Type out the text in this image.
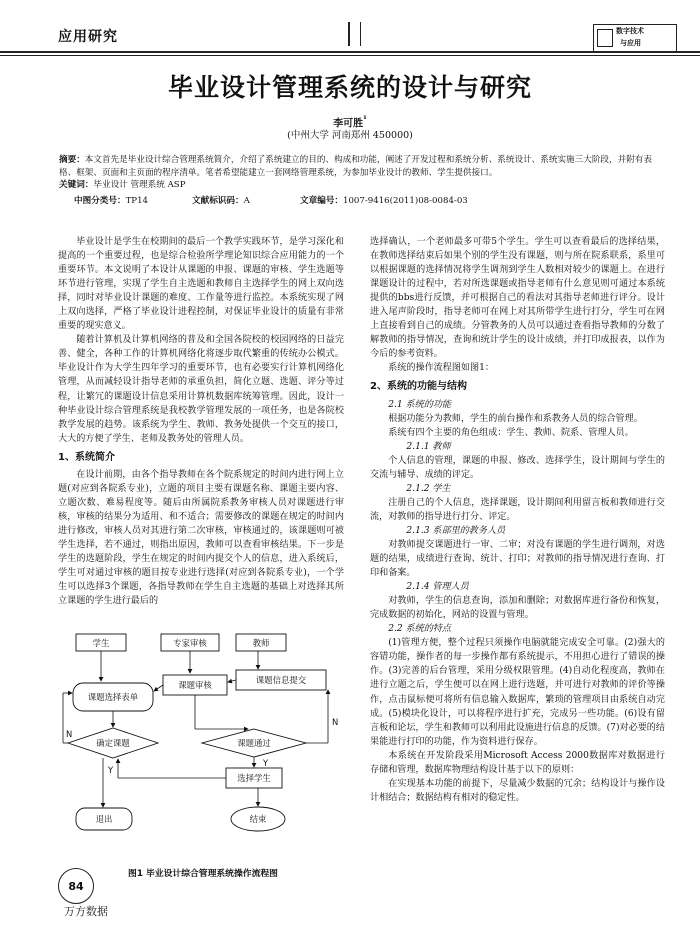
应用研究	数字技术
与应用
毕业设计管理系统的设计与研究
李可胜$^{^1}$
(中州大学 河南郑州 450000)
摘要：本文首先是毕业设计综合管理系统简介，介绍了系统建立的目的、构成和功能，阐述了开发过程和系统分析、系统设计、系统实施三大阶段，并附有表格、框架、页面和主页面的程序清单。笔者希望能建立一套网络管理系统，为参加毕业设计的教师、学生提供接口。
关键词：毕业设计 管理系统 ASP
中图分类号：TP14	文献标识码：A	文章编号：1007-9416(2011)08-0084-03

毕业设计是学生在校期间的最后一个教学实践环节，是学习深化和提高的一个重要过程，也是综合检验所学理论知识综合应用能力的一个重要环节。本文说明了本设计从课题的申报、课题的审核、学生选题等环节进行管理，实现了学生自主选题和教师自主选择学生的网上双向选择，同时对毕业设计课题的难度、工作量等进行监控。本系统实现了网上双向选择，严格了毕业设计进程控制，对保证毕业设计的质量有非常重要的现实意义。

随着计算机及计算机网络的普及和全国各院校的校园网络的日益完善、健全，各种工作的计算机网络化将逐步取代繁重的传统办公模式。毕业设计作为大学生四年学习的重要环节，也有必要实行计算机网络化管理，从而减轻设计指导老师的承重负担，简化立题、选题、评分等过程，让繁冗的课题设计信息采用计算机数据库统筹管理。因此，设计一种毕业设计综合管理系统是我校教学管理发展的一项任务，也是各院校教学发展的趋势。该系统为学生、教师、教务处提供一个交互的接口，大大的方便了学生、老师及教务处的管理人员。

1、系统简介

在设计前期，由各个指导教师在各个院系规定的时间内进行网上立题(对应到各院系专业)，立题的项目主要有课题名称、课题主要内容、立题次数、难易程度等。随后由所属院系教务审核人员对课题进行审核，审核的结果分为适用、和不适合；需要修改的课题在规定的时间内进行修改，审核人员对其进行第二次审核，审核通过的，该课题则可被学生选择，若不通过，则指出原因，教师可以查看审核结果。下一步是学生的选题阶段，学生在规定的时间内提交个人的信息，进入系统后，学生可对通过审核的题目按专业进行选择(对应到各院系专业)，一个学生可以选择3个课题，各指导教师在学生自主选题的基础上对选择其所立课题的学生进行最后的

学生	专家审核	教师
课题审核	课题信息提交
课题选择表单
确定课题	课题通过
选择学生
退出	结束
N
Y
N
Y
图1 毕业设计综合管理系统操作流程图

选择确认，一个老师最多可带5个学生。学生可以查看最后的选择结果，在教师选择结束后如果个别的学生没有课题，则与所在院系联系，系里可以根据课题的选择情况将学生调剂到学生人数相对较少的课题上。在进行课题设计的过程中，若对所选课题或指导老师有什么意见则可通过本系统提供的bbs进行反馈，并可根据自己的看法对其指导老师进行评分。设计进入尾声阶段时，指导老师可在网上对其所带学生进行打分，学生可在网上直接看到自己的成绩。分管教务的人员可以通过查看指导教师的分数了解教师的指导情况，查询和统计学生的设计成绩，并打印成报表，以作为今后的参考资料。

系统的操作流程图如图1：

2、系统的功能与结构

2.1 系统的功能

根据功能分为教师，学生的前台操作和系教务人员的综合管理。

系统有四个主要的角色组成：学生、教师、院系、管理人员。

2.1.1 教师

个人信息的管理，课题的申报、修改、选择学生，设计期间与学生的交流与辅导、成绩的评定。

2.1.2 学生

注册自己的个人信息，选择课题，设计期间利用留言板和教师进行交流，对教师的指导进行打分、评定。

2.1.3 系部里的教务人员

对教师提交课题进行一审、二审；对没有课题的学生进行调剂，对选题的结果，成绩进行查询、统计、打印；对教师的指导情况进行查询、打印和备案。

2.1.4 管理人员

对教师，学生的信息查询，添加和删除；对数据库进行备份和恢复，完成数据的初始化，网站的设置与管理。

2.2 系统的特点

(1)管理方便，整个过程只须操作电脑就能完成安全可靠。(2)强大的容错功能，操作者的每一步操作都有系统提示，不用担心进行了错误的操作。(3)完善的后台管理，采用分级权限管理。(4)自动化程度高，教师在进行立题之后，学生便可以在网上进行选题，并可进行对教师的评价等操作，点击鼠标便可将所有信息输入数据库，繁琐的管理项目由系统自动完成。(5)模块化设计，可以将程序进行扩充，完成另一些功能。(6)设有留言板和论坛，学生和教师可以利用此设施进行信息的反馈。(7)对必要的结果能进行打印的功能，作为资料进行保存。

本系统在开发阶段采用Microsoft Access 2000数据库对数据进行存储和管理，数据库物理结构设计基于以下的原则：

在实现基本功能的前提下，尽量减少数据的冗余；结构设计与操作设计相结合；数据结构有相对的稳定性。

84
万方数据
